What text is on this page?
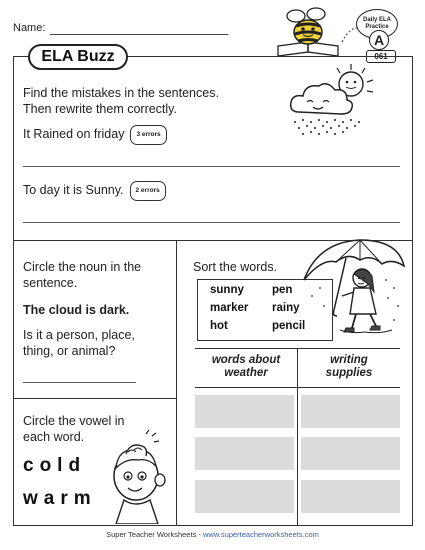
Name:
Daily ELA
Practice
A
061
ELA Buzz
Find the mistakes in the sentences.
Then rewrite them correctly.
It Rained on friday 3 errors
To day it is Sunny. 2 errors
Circle the noun in the
sentence.
The cloud is dark.
Is it a person, place,
thing, or animal?
Circle the vowel in
each word.
cold
warm
Sort the words.
sunny	pen
marker	rainy
hot	pencil
words about
weather
writing
supplies
Super Teacher Worksheets - www.superteacherworksheets.com
